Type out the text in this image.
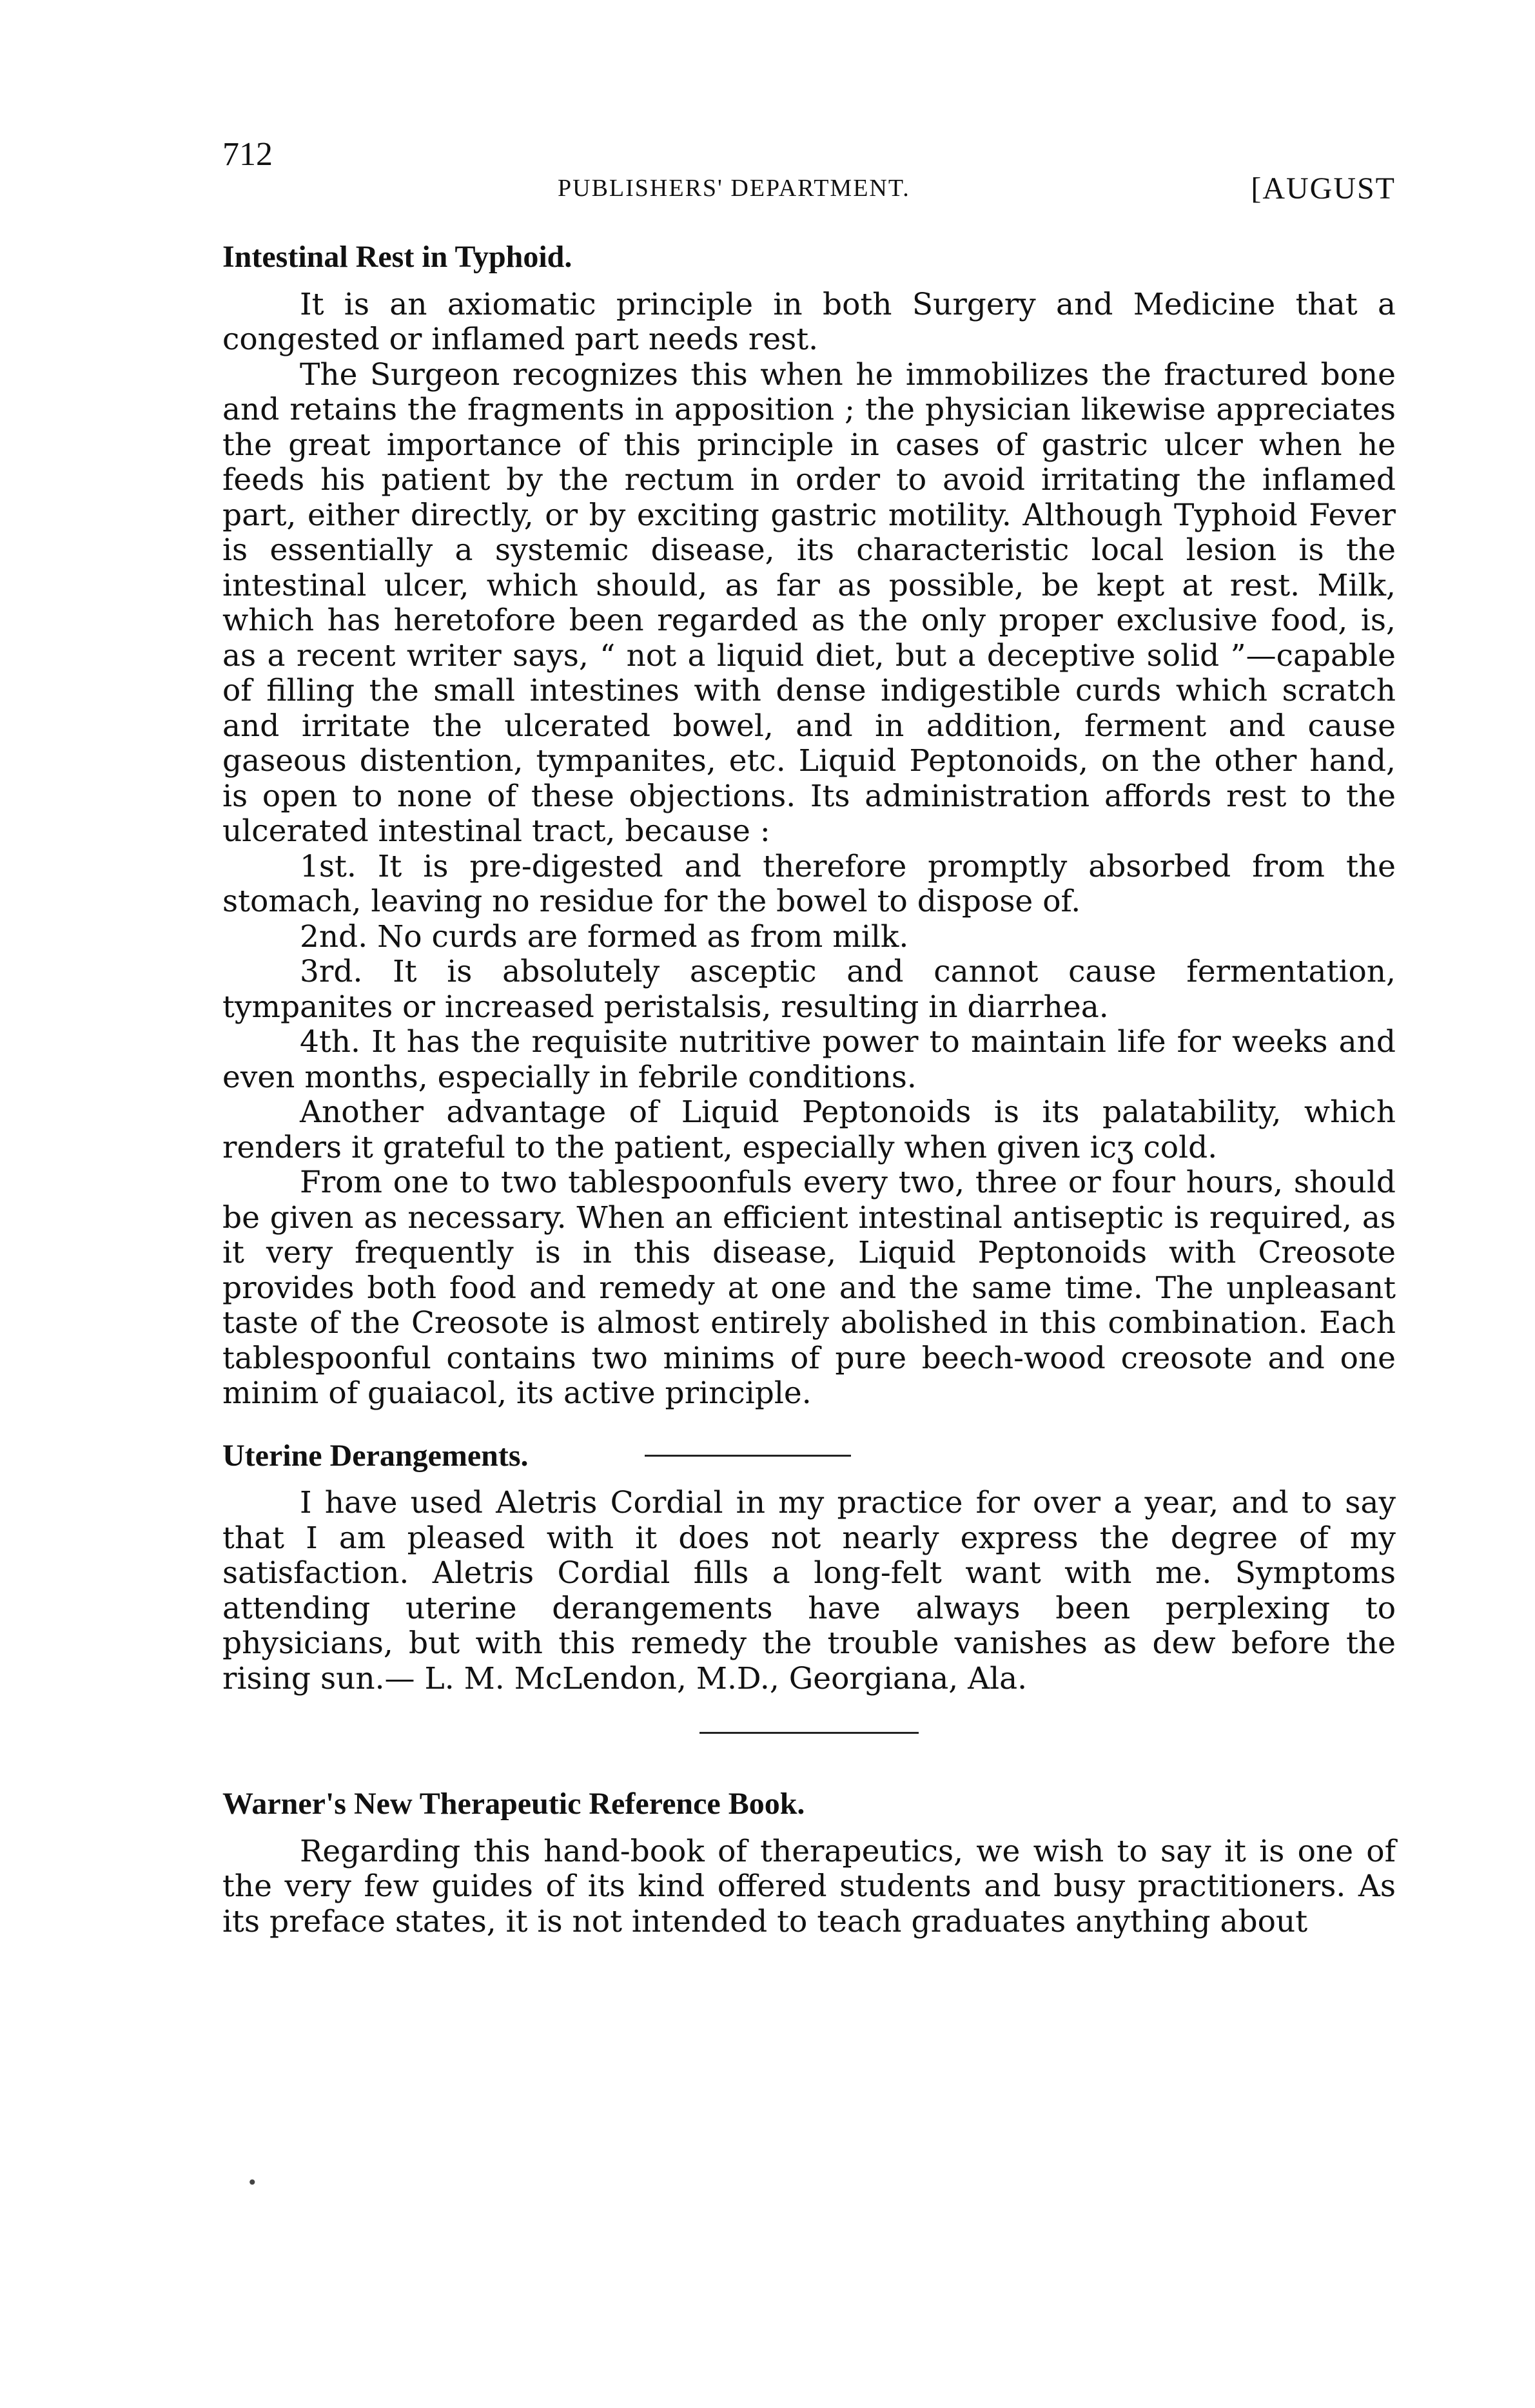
712
PUBLISHERS' DEPARTMENT.	[AUGUST
Intestinal Rest in Typhoid.

It is an axiomatic principle in both Surgery and Medicine that a congested or inflamed part needs rest.

The Surgeon recognizes this when he immobilizes the fractured bone and retains the fragments in apposition ; the physician likewise appreciates the great importance of this principle in cases of gastric ulcer when he feeds his patient by the rectum in order to avoid irritating the inflamed part, either directly, or by exciting gastric motility. Although Typhoid Fever is essentially a systemic disease, its characteristic local lesion is the intestinal ulcer, which should, as far as possible, be kept at rest. Milk, which has heretofore been regarded as the only proper exclusive food, is, as a recent writer says, “ not a liquid diet, but a deceptive solid ”—capable of filling the small intestines with dense indigestible curds which scratch and irritate the ulcerated bowel, and in addition, ferment and cause gaseous distention, tympanites, etc. Liquid Peptonoids, on the other hand, is open to none of these objections. Its administration affords rest to the ulcerated intestinal tract, because :

1st. It is pre-digested and therefore promptly absorbed from the stomach, leaving no residue for the bowel to dispose of.

2nd. No curds are formed as from milk.

3rd. It is absolutely asceptic and cannot cause fermentation, tympanites or increased peristalsis, resulting in diarrhea.

4th. It has the requisite nutritive power to maintain life for weeks and even months, especially in febrile conditions.

Another advantage of Liquid Peptonoids is its palatability, which renders it grateful to the patient, especially when given icʒ cold.

From one to two tablespoonfuls every two, three or four hours, should be given as necessary. When an efficient intestinal antiseptic is required, as it very frequently is in this disease, Liquid Peptonoids with Creosote provides both food and remedy at one and the same time. The unpleasant taste of the Creosote is almost entirely abolished in this combination. Each tablespoonful contains two minims of pure beech-wood creosote and one minim of guaiacol, its active principle.

Uterine Derangements.

I have used Aletris Cordial in my practice for over a year, and to say that I am pleased with it does not nearly express the degree of my satisfaction. Aletris Cordial fills a long-felt want with me. Symptoms attending uterine derangements have always been perplexing to physicians, but with this remedy the trouble vanishes as dew before the rising sun.— L. M. McLendon, M.D., Georgiana, Ala.

Warner's New Therapeutic Reference Book.

Regarding this hand-book of therapeutics, we wish to say it is one of the very few guides of its kind offered students and busy practitioners. As its preface states, it is not intended to teach graduates anything about

•
